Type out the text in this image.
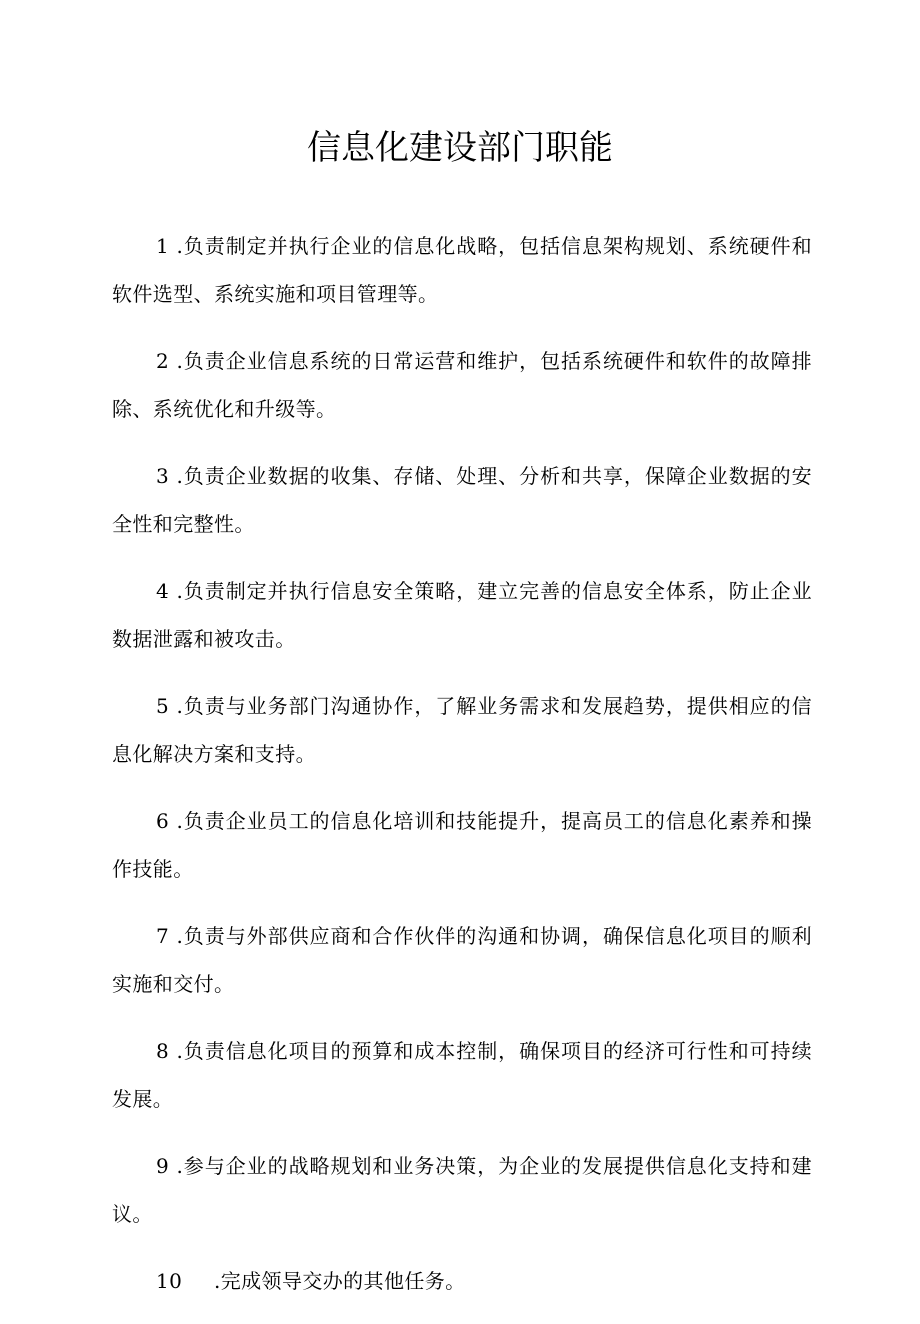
信息化建设部门职能

1 .负责制定并执行企业的信息化战略，包括信息架构规划、系统硬件和软件选型、系统实施和项目管理等。

2 .负责企业信息系统的日常运营和维护，包括系统硬件和软件的故障排除、系统优化和升级等。

3 .负责企业数据的收集、存储、处理、分析和共享，保障企业数据的安全性和完整性。

4 .负责制定并执行信息安全策略，建立完善的信息安全体系，防止企业数据泄露和被攻击。

5 .负责与业务部门沟通协作，了解业务需求和发展趋势，提供相应的信息化解决方案和支持。

6 .负责企业员工的信息化培训和技能提升，提高员工的信息化素养和操作技能。

7 .负责与外部供应商和合作伙伴的沟通和协调，确保信息化项目的顺利实施和交付。

8 .负责信息化项目的预算和成本控制，确保项目的经济可行性和可持续发展。

9 .参与企业的战略规划和业务决策，为企业的发展提供信息化支持和建议。

10 .完成领导交办的其他任务。
